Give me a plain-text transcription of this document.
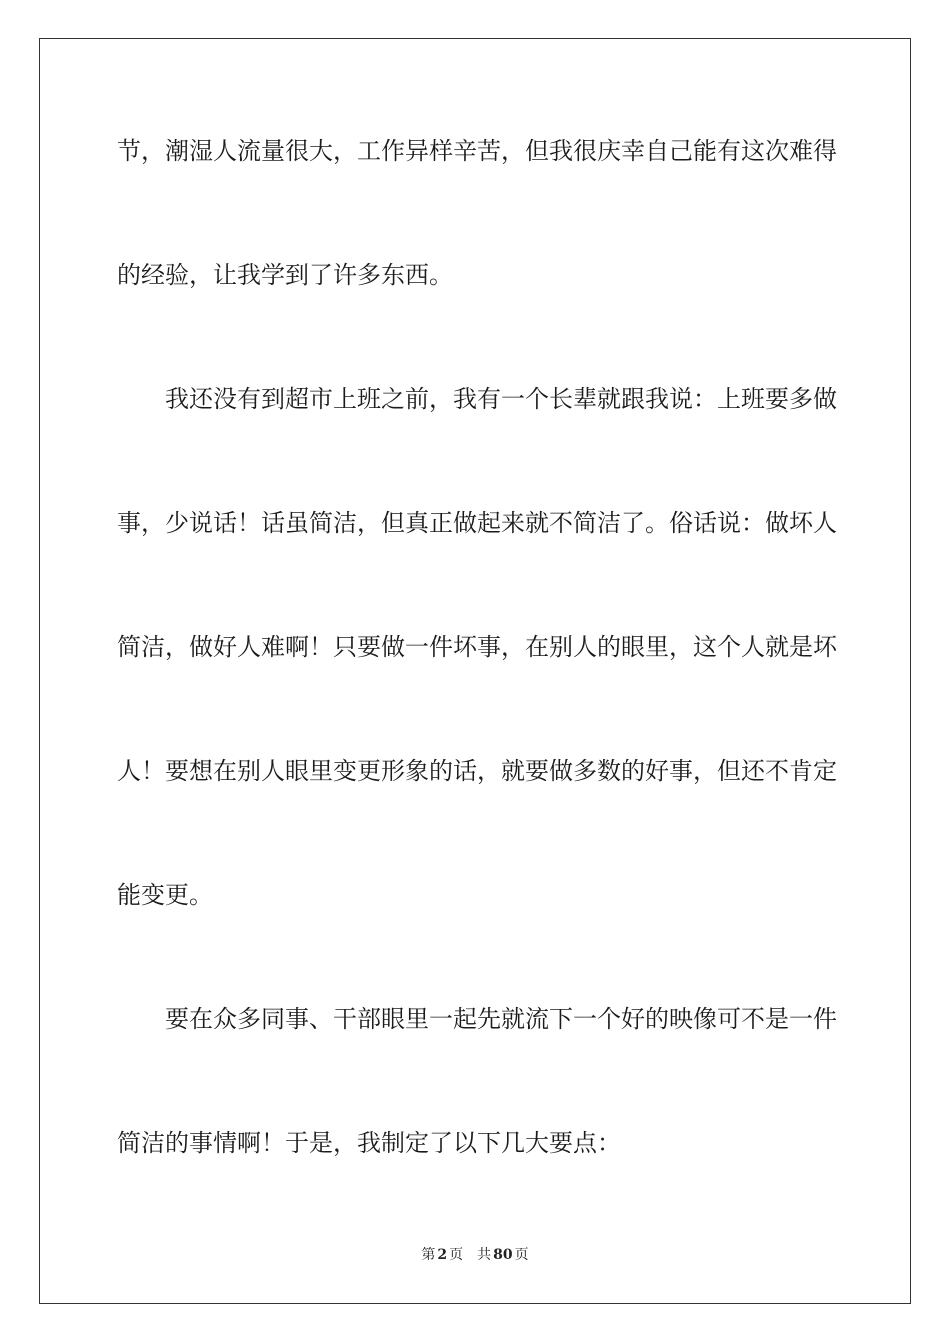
节，潮湿人流量很大，工作异样辛苦，但我很庆幸自己能有这次难得
的经验，让我学到了许多东西。
我还没有到超市上班之前，我有一个长辈就跟我说：上班要多做
事，少说话！话虽简洁，但真正做起来就不简洁了。俗话说：做坏人
简洁，做好人难啊！只要做一件坏事，在别人的眼里，这个人就是坏
人！要想在别人眼里变更形象的话，就要做多数的好事，但还不肯定
能变更。
要在众多同事、干部眼里一起先就流下一个好的映像可不是一件
简洁的事情啊！于是，我制定了以下几大要点：
第 2 页 共 80 页
